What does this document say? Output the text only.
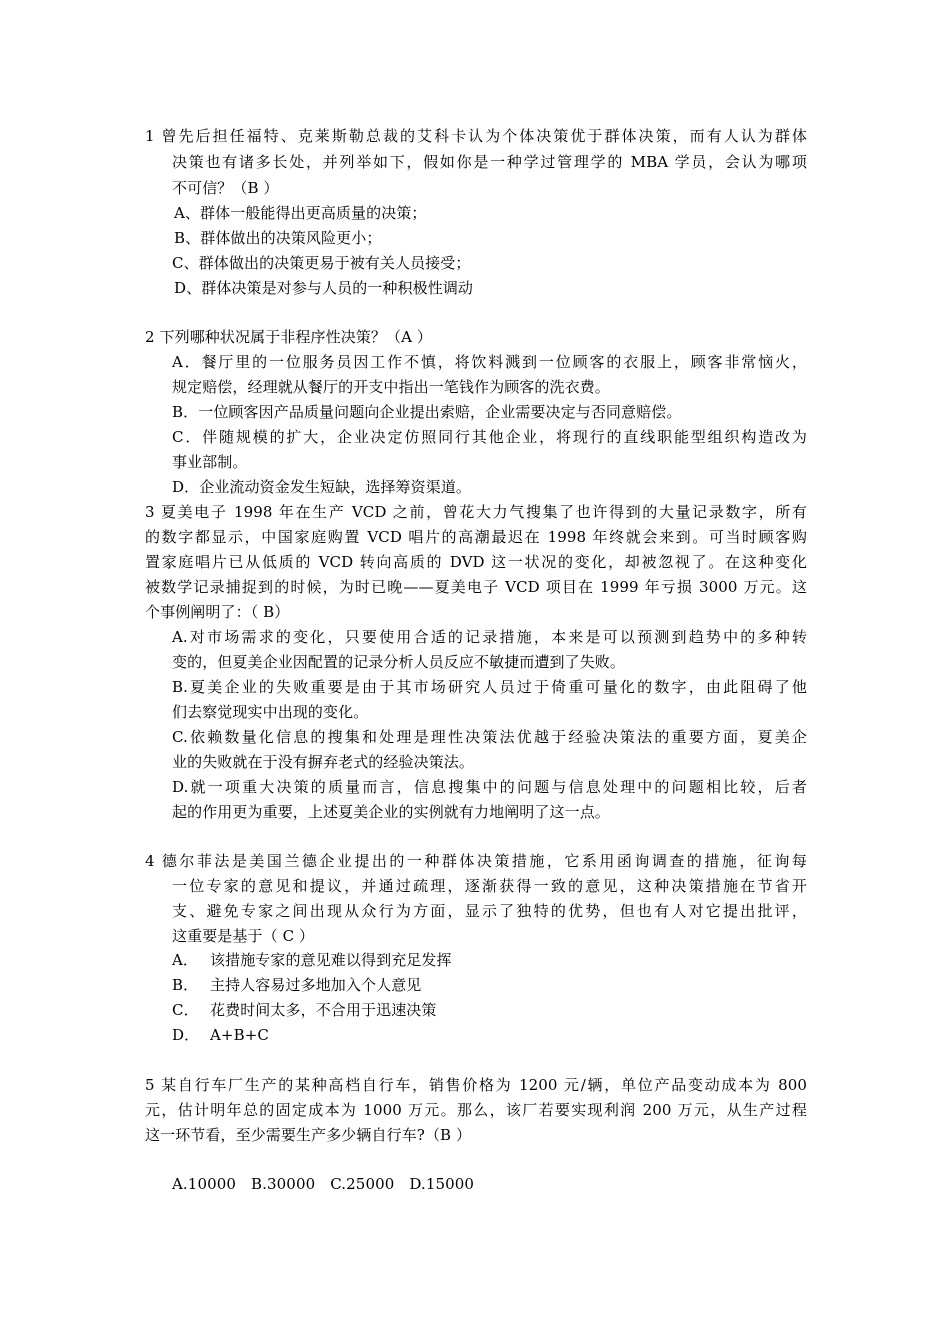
1 曾先后担任福特、克莱斯勒总裁的艾科卡认为个体决策优于群体决策，而有人认为群体
决策也有诸多长处，并列举如下，假如你是一种学过管理学的 MBA 学员，会认为哪项
不可信？（B ）
A、群体一般能得出更高质量的决策；
B、群体做出的决策风险更小；
C、群体做出的决策更易于被有关人员接受；
D、群体决策是对参与人员的一种积极性调动
2 下列哪种状况属于非程序性决策？（A ）
A．餐厅里的一位服务员因工作不慎，将饮料溅到一位顾客的衣服上，顾客非常恼火，
规定赔偿，经理就从餐厅的开支中指出一笔钱作为顾客的洗衣费。
B．一位顾客因产品质量问题向企业提出索赔，企业需要决定与否同意赔偿。
C．伴随规模的扩大，企业决定仿照同行其他企业，将现行的直线职能型组织构造改为
事业部制。
D．企业流动资金发生短缺，选择筹资渠道。
3 夏美电子 1998 年在生产 VCD 之前，曾花大力气搜集了也许得到的大量记录数字，所有
的数字都显示，中国家庭购置 VCD 唱片的高潮最迟在 1998 年终就会来到。可当时顾客购
置家庭唱片已从低质的 VCD 转向高质的 DVD 这一状况的变化，却被忽视了。在这种变化
被数学记录捕捉到的时候，为时已晚——夏美电子 VCD 项目在 1999 年亏损 3000 万元。这
个事例阐明了：（ B）
A.对市场需求的变化，只要使用合适的记录措施，本来是可以预测到趋势中的多种转
变的，但夏美企业因配置的记录分析人员反应不敏捷而遭到了失败。
B.夏美企业的失败重要是由于其市场研究人员过于倚重可量化的数字，由此阻碍了他
们去察觉现实中出现的变化。
C.依赖数量化信息的搜集和处理是理性决策法优越于经验决策法的重要方面，夏美企
业的失败就在于没有摒弃老式的经验决策法。
D.就一项重大决策的质量而言，信息搜集中的问题与信息处理中的问题相比较，后者
起的作用更为重要，上述夏美企业的实例就有力地阐明了这一点。
4 德尔菲法是美国兰德企业提出的一种群体决策措施，它系用函询调查的措施，征询每
一位专家的意见和提议，并通过疏理，逐渐获得一致的意见，这种决策措施在节省开
支、避免专家之间出现从众行为方面，显示了独特的优势，但也有人对它提出批评，
这重要是基于（ C ）
A． 该措施专家的意见难以得到充足发挥
B． 主持人容易过多地加入个人意见
C． 花费时间太多，不合用于迅速决策
D． A+B+C
5 某自行车厂生产的某种高档自行车，销售价格为 1200 元/辆，单位产品变动成本为 800
元，估计明年总的固定成本为 1000 万元。那么，该厂若要实现利润 200 万元，从生产过程
这一环节看，至少需要生产多少辆自行车?（B ）
A.10000 B.30000 C.25000 D.15000
